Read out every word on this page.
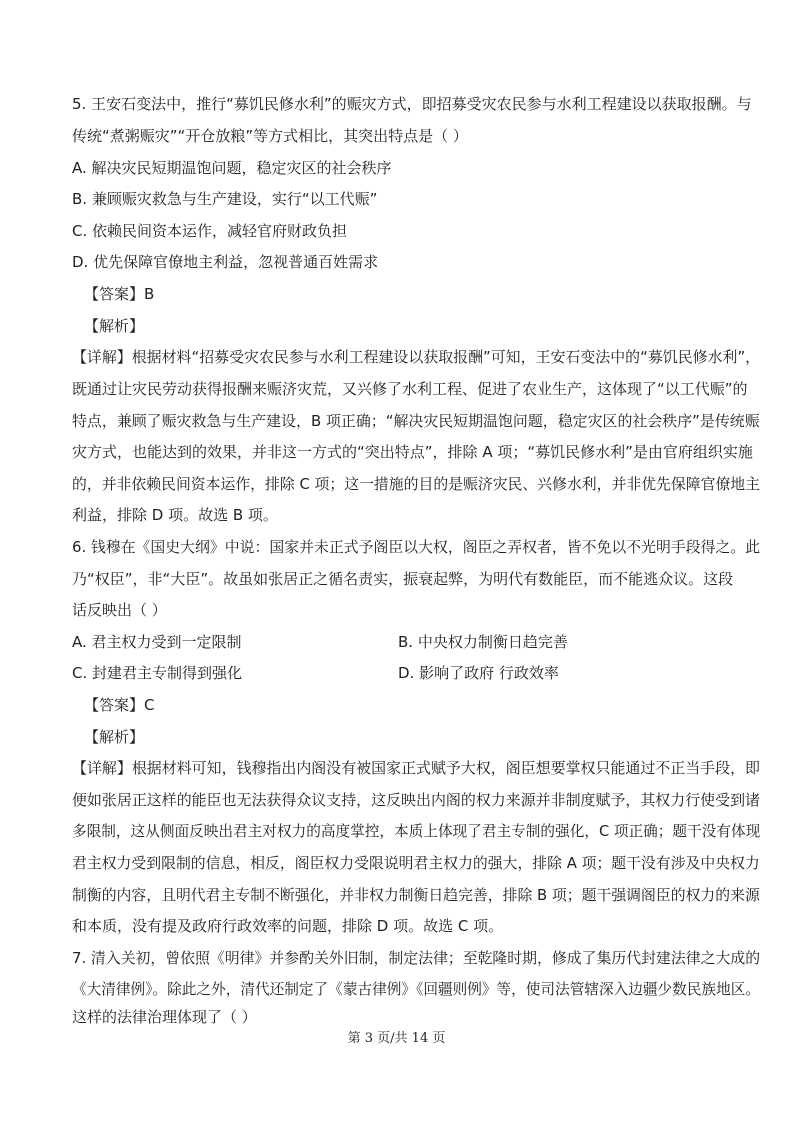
5. 王安石变法中，推行“募饥民修水利”的赈灾方式，即招募受灾农民参与水利工程建设以获取报酬。与
传统“煮粥赈灾”“开仓放粮”等方式相比，其突出特点是（ ）
A. 解决灾民短期温饱问题，稳定灾区的社会秩序
B. 兼顾赈灾救急与生产建设，实行“以工代赈”
C. 依赖民间资本运作，减轻官府财政负担
D. 优先保障官僚地主利益，忽视普通百姓需求
【答案】B
【解析】
【详解】根据材料“招募受灾农民参与水利工程建设以获取报酬”可知，王安石变法中的“募饥民修水利”，
既通过让灾民劳动获得报酬来赈济灾荒，又兴修了水利工程、促进了农业生产，这体现了“以工代赈”的
特点，兼顾了赈灾救急与生产建设，B 项正确；“解决灾民短期温饱问题，稳定灾区的社会秩序”是传统赈
灾方式，也能达到的效果，并非这一方式的“突出特点”，排除 A 项；“募饥民修水利”是由官府组织实施
的，并非依赖民间资本运作，排除 C 项；这一措施的目的是赈济灾民、兴修水利，并非优先保障官僚地主
利益，排除 D 项。故选 B 项。
6. 钱穆在《国史大纲》中说：国家并未正式予阁臣以大权，阁臣之弄权者，皆不免以不光明手段得之。此
乃“权臣”，非“大臣”。故虽如张居正之循名责实，振衰起弊，为明代有数能臣，而不能逃众议。这段
话反映出（ ）
A. 君主权力受到一定限制	B. 中央权力制衡日趋完善
C. 封建君主专制得到强化	D. 影响了政府 行政效率
【答案】C
【解析】
【详解】根据材料可知，钱穆指出内阁没有被国家正式赋予大权，阁臣想要掌权只能通过不正当手段，即
便如张居正这样的能臣也无法获得众议支持，这反映出内阁的权力来源并非制度赋予，其权力行使受到诸
多限制，这从侧面反映出君主对权力的高度掌控，本质上体现了君主专制的强化，C 项正确；题干没有体现
君主权力受到限制的信息，相反，阁臣权力受限说明君主权力的强大，排除 A 项；题干没有涉及中央权力
制衡的内容，且明代君主专制不断强化，并非权力制衡日趋完善，排除 B 项；题干强调阁臣的权力的来源
和本质，没有提及政府行政效率的问题，排除 D 项。故选 C 项。
7. 清入关初，曾依照《明律》并参酌关外旧制，制定法律；至乾隆时期，修成了集历代封建法律之大成的
《大清律例》。除此之外，清代还制定了《蒙古律例》《回疆则例》等，使司法管辖深入边疆少数民族地区。
这样的法律治理体现了（ ）
第 3 页/共 14 页
